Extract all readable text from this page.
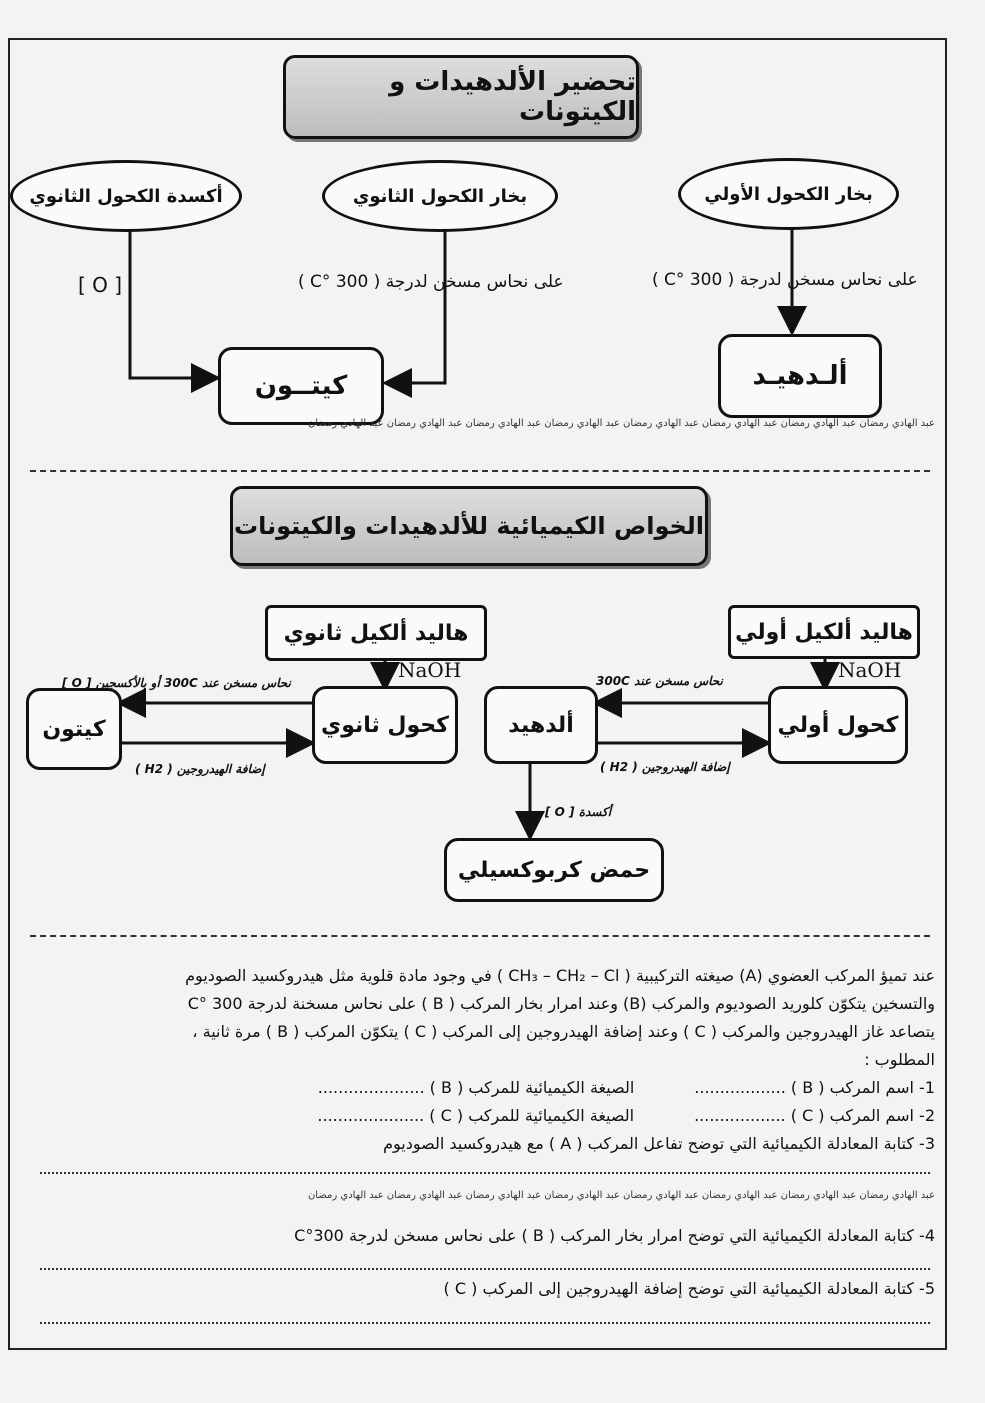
تحضير الألدهيدات و الكيتونات
أكسدة الكحول الثانوي	بخار الكحول الثانوي	بخار الكحول الأولي
[ O ]	على نحاس مسخن لدرجة ( 300 °C )	على نحاس مسخن لدرجة ( 300 °C )
كيتــون	ألـدهيـد
عبد الهادي رمضان عبد الهادي رمضان عبد الهادي رمضان عبد الهادي رمضان عبد الهادي رمضان عبد الهادي رمضان عبد الهادي رمضان عبد الهادي رمضان
الخواص الكيميائية للألدهيدات والكيتونات
هاليد ألكيل ثانوي	هاليد ألكيل أولي
NaOH	NaOH
كيتون	كحول ثانوي	ألدهيد	كحول أولي
حمض كربوكسيلي
نحاس مسخن عند 300C أو بالأكسجين [ O ]
إضافة الهيدروجين ( H2 )
نحاس مسخن عند 300C
إضافة الهيدروجين ( H2 )
أكسدة [ O ]
عند تميؤ المركب العضوي (A) صيغته التركيبية ( CH₃ – CH₂ – Cl ) في وجود مادة قلوية مثل هيدروكسيد الصوديوم
والتسخين يتكوّن كلوريد الصوديوم والمركب (B) وعند امرار بخار المركب ( B ) على نحاس مسخنة لدرجة 300 °C
يتصاعد غاز الهيدروجين والمركب ( C ) وعند إضافة الهيدروجين إلى المركب ( C ) يتكوّن المركب ( B ) مرة ثانية ،
المطلوب :
1- اسم المركب ( B ) ..................
الصيغة الكيميائية للمركب ( B ) .....................
2- اسم المركب ( C ) ..................
الصيغة الكيميائية للمركب ( C ) .....................
3- كتابة المعادلة الكيميائية التي توضح تفاعل المركب ( A ) مع هيدروكسيد الصوديوم
عبد الهادي رمضان عبد الهادي رمضان عبد الهادي رمضان عبد الهادي رمضان عبد الهادي رمضان عبد الهادي رمضان عبد الهادي رمضان عبد الهادي رمضان
4- كتابة المعادلة الكيميائية التي توضح امرار بخار المركب ( B ) على نحاس مسخن لدرجة 300°C
5- كتابة المعادلة الكيميائية التي توضح إضافة الهيدروجين إلى المركب ( C )
